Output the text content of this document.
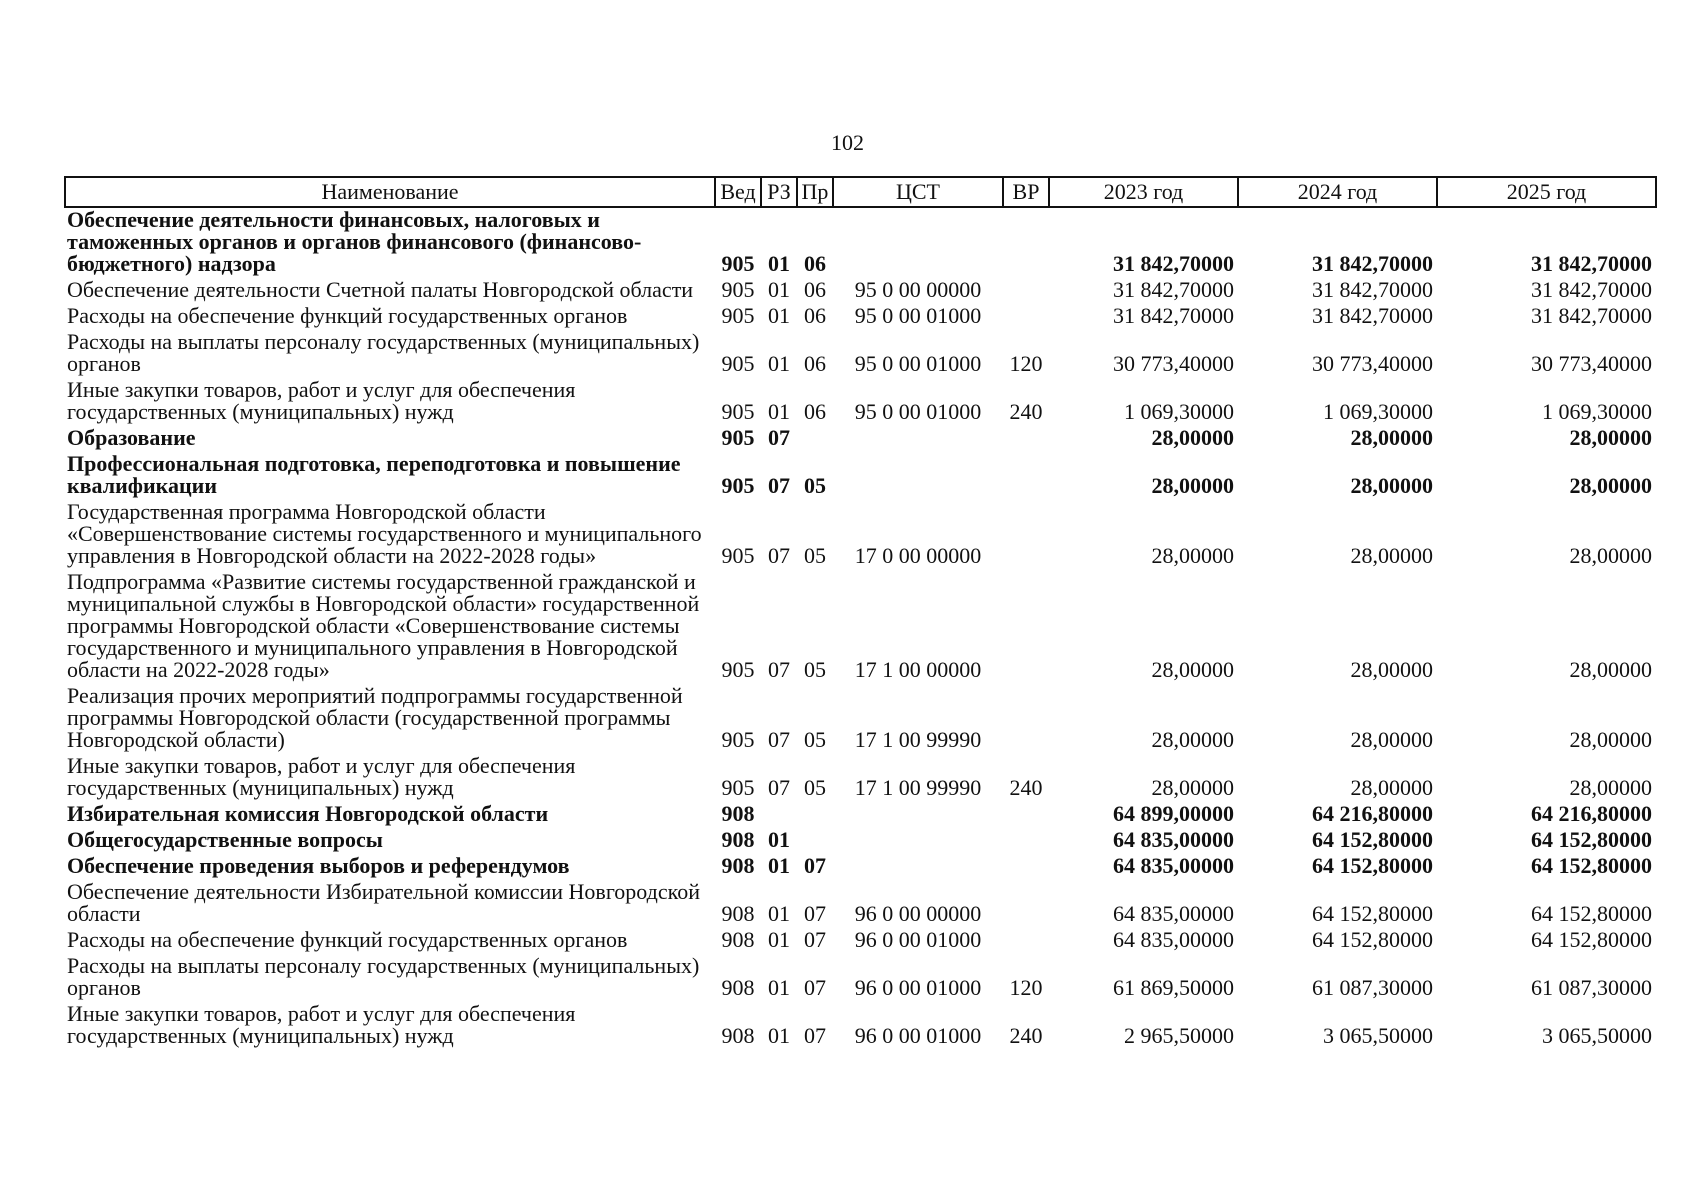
102
Наименование	Вед	РЗ	Пр	ЦСТ	ВР	2023 год	2024 год	2025 год
Обеспечение деятельности финансовых, налоговых и таможенных органов и органов финансового (финансово-бюджетного) надзора	905	01	06			31 842,70000	31 842,70000	31 842,70000
Обеспечение деятельности Счетной палаты Новгородской области	905	01	06	95 0 00 00000		31 842,70000	31 842,70000	31 842,70000
Расходы на обеспечение функций государственных органов	905	01	06	95 0 00 01000		31 842,70000	31 842,70000	31 842,70000
Расходы на выплаты персоналу государственных (муниципальных) органов	905	01	06	95 0 00 01000	120	30 773,40000	30 773,40000	30 773,40000
Иные закупки товаров, работ и услуг для обеспечения государственных (муниципальных) нужд	905	01	06	95 0 00 01000	240	1 069,30000	1 069,30000	1 069,30000
Образование	905	07				28,00000	28,00000	28,00000
Профессиональная подготовка, переподготовка и повышение квалификации	905	07	05			28,00000	28,00000	28,00000
Государственная программа Новгородской области «Совершенствование системы государственного и муниципального управления в Новгородской области на 2022-2028 годы»	905	07	05	17 0 00 00000		28,00000	28,00000	28,00000
Подпрограмма «Развитие системы государственной гражданской и муниципальной службы в Новгородской области» государственной программы Новгородской области «Совершенствование системы государственного и муниципального управления в Новгородской области на 2022-2028 годы»	905	07	05	17 1 00 00000		28,00000	28,00000	28,00000
Реализация прочих мероприятий подпрограммы государственной программы Новгородской области (государственной программы Новгородской области)	905	07	05	17 1 00 99990		28,00000	28,00000	28,00000
Иные закупки товаров, работ и услуг для обеспечения государственных (муниципальных) нужд	905	07	05	17 1 00 99990	240	28,00000	28,00000	28,00000
Избирательная комиссия Новгородской области	908					64 899,00000	64 216,80000	64 216,80000
Общегосударственные вопросы	908	01				64 835,00000	64 152,80000	64 152,80000
Обеспечение проведения выборов и референдумов	908	01	07			64 835,00000	64 152,80000	64 152,80000
Обеспечение деятельности Избирательной комиссии Новгородской области	908	01	07	96 0 00 00000		64 835,00000	64 152,80000	64 152,80000
Расходы на обеспечение функций государственных органов	908	01	07	96 0 00 01000		64 835,00000	64 152,80000	64 152,80000
Расходы на выплаты персоналу государственных (муниципальных) органов	908	01	07	96 0 00 01000	120	61 869,50000	61 087,30000	61 087,30000
Иные закупки товаров, работ и услуг для обеспечения государственных (муниципальных) нужд	908	01	07	96 0 00 01000	240	2 965,50000	3 065,50000	3 065,50000
